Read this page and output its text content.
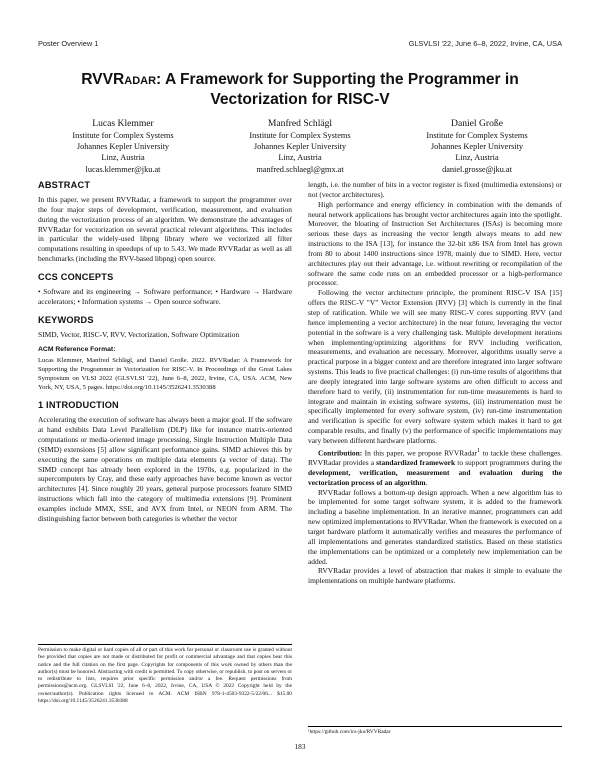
Poster Overview 1	GLSVLSI '22, June 6–8, 2022, Irvine, CA, USA
RVVRadar: A Framework for Supporting the Programmer in Vectorization for RISC-V
Lucas Klemmer
Institute for Complex Systems
Johannes Kepler University
Linz, Austria
lucas.klemmer@jku.at
Manfred Schlägl
Institute for Complex Systems
Johannes Kepler University
Linz, Austria
manfred.schlaegl@gmx.at
Daniel Große
Institute for Complex Systems
Johannes Kepler University
Linz, Austria
daniel.grosse@jku.at
ABSTRACT

In this paper, we present RVVRadar, a framework to support the programmer over the four major steps of development, verification, measurement, and evaluation during the vectorization process of an algorithm. We demonstrate the advantages of RVVRadar for vectorization on several practical relevant algorithms. This includes in particular the widely-used libpng library where we vectorized all filter computations resulting in speedups of up to 5.43. We made RVVRadar as well as all benchmarks (including the RVV-based libpng) open source.

CCS CONCEPTS

• Software and its engineering → Software performance; • Hardware → Hardware accelerators; • Information systems → Open source software.

KEYWORDS

SIMD, Vector, RISC-V, RVV, Vectorization, Software Optimization

ACM Reference Format:

Lucas Klemmer, Manfred Schlägl, and Daniel Große. 2022. RVVRadar: A Framework for Supporting the Programmer in Vectorization for RISC-V. In Proceedings of the Great Lakes Symposium on VLSI 2022 (GLSVLSI '22), June 6–8, 2022, Irvine, CA, USA. ACM, New York, NY, USA, 5 pages. https://doi.org/10.1145/3526241.3530388

1 INTRODUCTION

Accelerating the execution of software has always been a major goal. If the software at hand exhibits Data Level Parallelism (DLP) like for instance matrix-oriented computations or media-oriented image processing, Single Instruction Multiple Data (SIMD) extensions [5] allow significant performance gains. SIMD achieves this by executing the same operations on multiple data elements (a vector of data). The SIMD concept has already been explored in the 1970s, e.g. popularized in the supercomputers by Cray, and these early approaches have become known as vector architectures [4]. Since roughly 20 years, general purpose processors feature SIMD instructions which fall into the category of multimedia extensions [9]. Prominent examples include MMX, SSE, and AVX from Intel, or NEON from ARM. The distinguishing factor between both categories is whether the vector

Permission to make digital or hard copies of all or part of this work for personal or classroom use is granted without fee provided that copies are not made or distributed for profit or commercial advantage and that copies bear this notice and the full citation on the first page. Copyrights for components of this work owned by others than the author(s) must be honored. Abstracting with credit is permitted. To copy otherwise, or republish, to post on servers or to redistribute to lists, requires prior specific permission and/or a fee. Request permissions from permissions@acm.org. GLSVLSI '22, June 6–8, 2022, Irvine, CA, USA © 2022 Copyright held by the owner/author(s). Publication rights licensed to ACM. ACM ISBN 978-1-4503-9322-5/22/06... $15.00 https://doi.org/10.1145/3526241.3530388

length, i.e. the number of bits in a vector register is fixed (multimedia extensions) or not (vector architectures).

High performance and energy efficiency in combination with the demands of neural network applications has brought vector architectures again into the spotlight. Moreover, the bloating of Instruction Set Architectures (ISAs) is becoming more serious these days as increasing the vector length always means to add new instructions to the ISA [13], for instance the 32-bit x86 ISA from Intel has grown from 80 to about 1400 instructions since 1978, mainly due to SIMD. Here, vector architectures play out their advantage, i.e. without rewriting or recompilation of the software the same code runs on an embedded processor or a high-performance processor.

Following the vector architecture principle, the prominent RISC-V ISA [15] offers the RISC-V "V" Vector Extension (RVV) [3] which is currently in the final step of ratification. While we will see many RISC-V cores supporting RVV (and hence implementing a vector architecture) in the near future, leveraging the vector potential in the software is a very challenging task. Multiple development iterations when implementing/optimizing algorithms for RVV including verification, measurements, and evaluation are necessary. Moreover, algorithms usually serve a practical purpose in a bigger context and are therefore integrated into larger software systems. This leads to five practical challenges: (i) run-time results of algorithms that are deeply integrated into large software systems are often difficult to access and therefore hard to verify, (ii) instrumentation for run-time measurements is hard to integrate and maintain in existing software systems, (iii) instrumentation must be specifically implemented for every software system, (iv) run-time instrumentation and verification is specific for every software system which makes it hard to get comparable results, and finally (v) the performance of specific implementations may vary between different hardware platforms.

Contribution: In this paper, we propose RVVRadar$^1$ to tackle these challenges. RVVRadar provides a standardized framework to support programmers during the development, verification, measurement and evaluation during the vectorization process of an algorithm.

RVVRadar follows a bottom-up design approach. When a new algorithm has to be implemented for some target software system, it is added to the framework including a baseline implementation. In an iterative manner, programmers can add new optimized implementations to RVVRadar. When the framework is executed on a target hardware platform it automatically verifies and measures the performance of all implementations and generates standardized statistics. Based on these statistics the implementations can be optimized or a completely new implementation can be added.

RVVRadar provides a level of abstraction that makes it simple to evaluate the implementations on multiple hardware platforms.

¹https://github.com/ics-jku/RVVRadar
183
